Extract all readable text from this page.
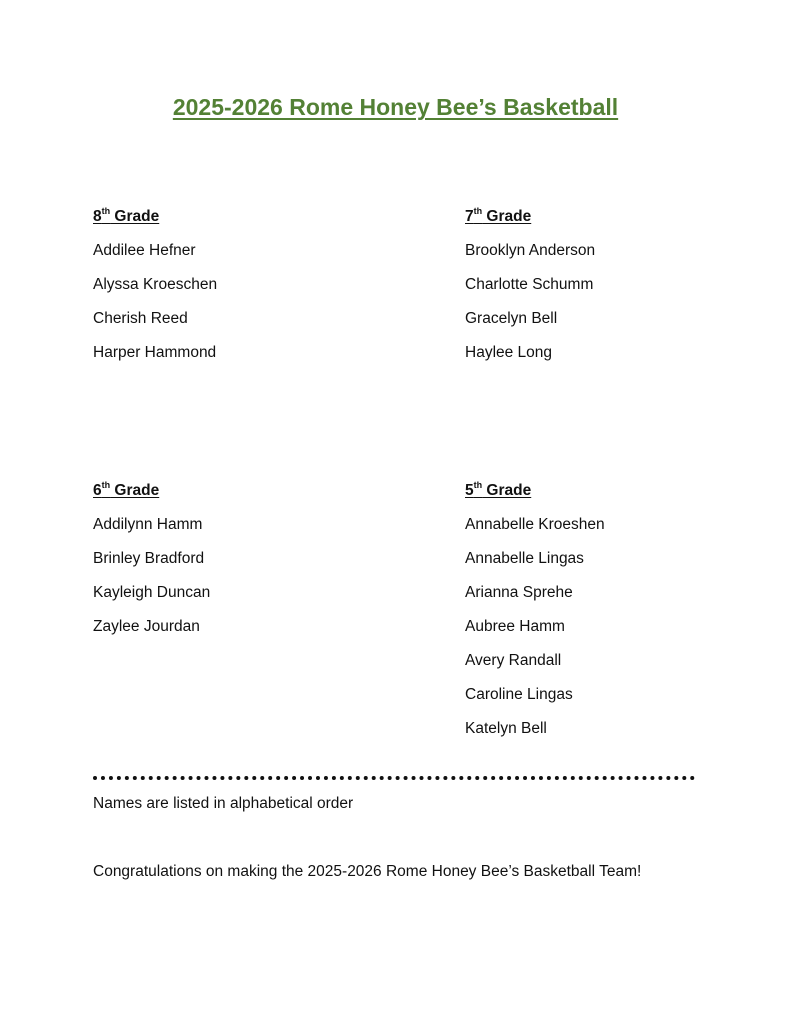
2025-2026 Rome Honey Bee’s Basketball
8th Grade
Addilee Hefner
Alyssa Kroeschen
Cherish Reed
Harper Hammond
7th Grade
Brooklyn Anderson
Charlotte Schumm
Gracelyn Bell
Haylee Long
6th Grade
Addilynn Hamm
Brinley Bradford
Kayleigh Duncan
Zaylee Jourdan
5th Grade
Annabelle Kroeshen
Annabelle Lingas
Arianna Sprehe
Aubree Hamm
Avery Randall
Caroline Lingas
Katelyn Bell
Names are listed in alphabetical order
Congratulations on making the 2025-2026 Rome Honey Bee’s Basketball Team!
